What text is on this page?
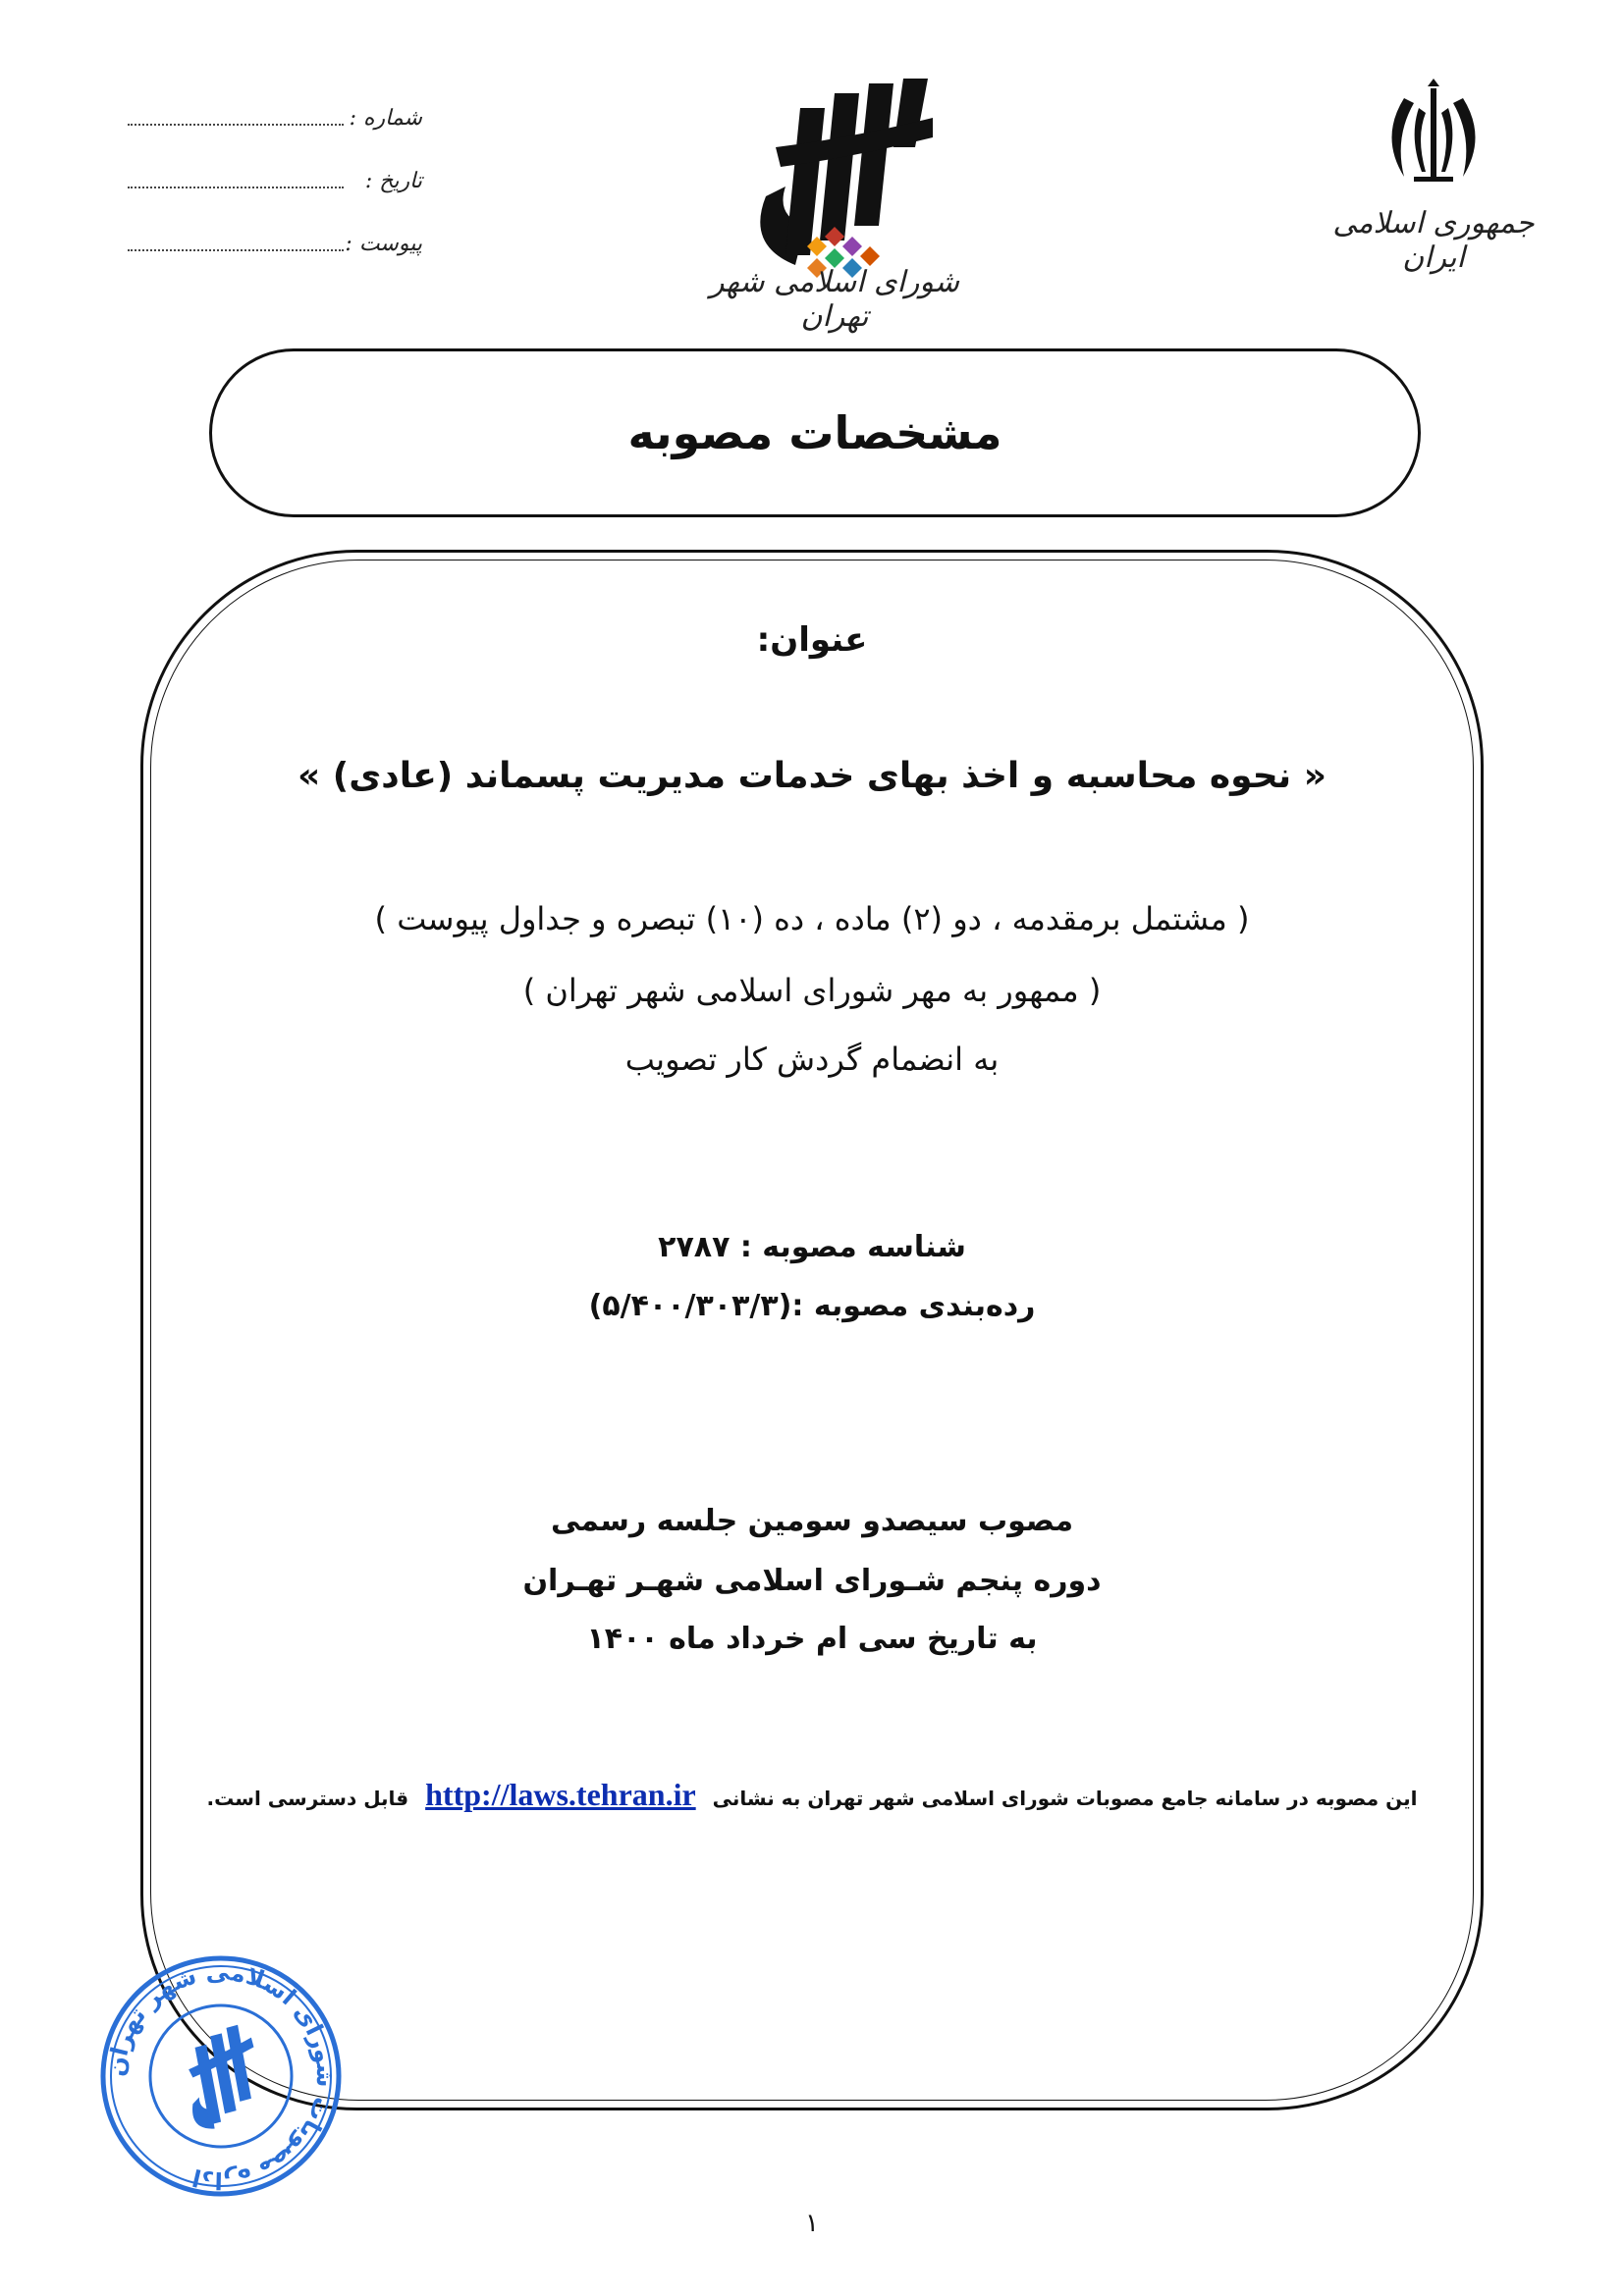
شماره :
تاریخ :
پیوست :
شورای اسلامی شهر تهران
جمهوری اسلامی ایران
مشخصات مصوبه
عنوان:
« نحوه محاسبه و اخذ بهای خدمات مدیریت پسماند (عادی) »
( مشتمل برمقدمه ، دو (۲) ماده ، ده (۱۰) تبصره و جداول پیوست )
( ممهور به مهر شورای اسلامی شهر تهران )
به انضمام گردش کار تصویب
شناسه مصوبه : ۲۷۸۷
رده‌بندی مصوبه :(۵/۴۰۰/۳۰۳/۳)
مصوب سیصدو سومین جلسه رسمی
دوره پنجم شـورای اسلامی شهـر تهـران
به تاریخ سی ام خرداد ماه ۱۴۰۰
این مصوبه در سامانه جامع مصوبات شورای اسلامی شهر تهران به نشانی http://laws.tehran.ir قابل دسترسی است.
اداره مصوبات شورای اسلامی شهر تهران
۱
